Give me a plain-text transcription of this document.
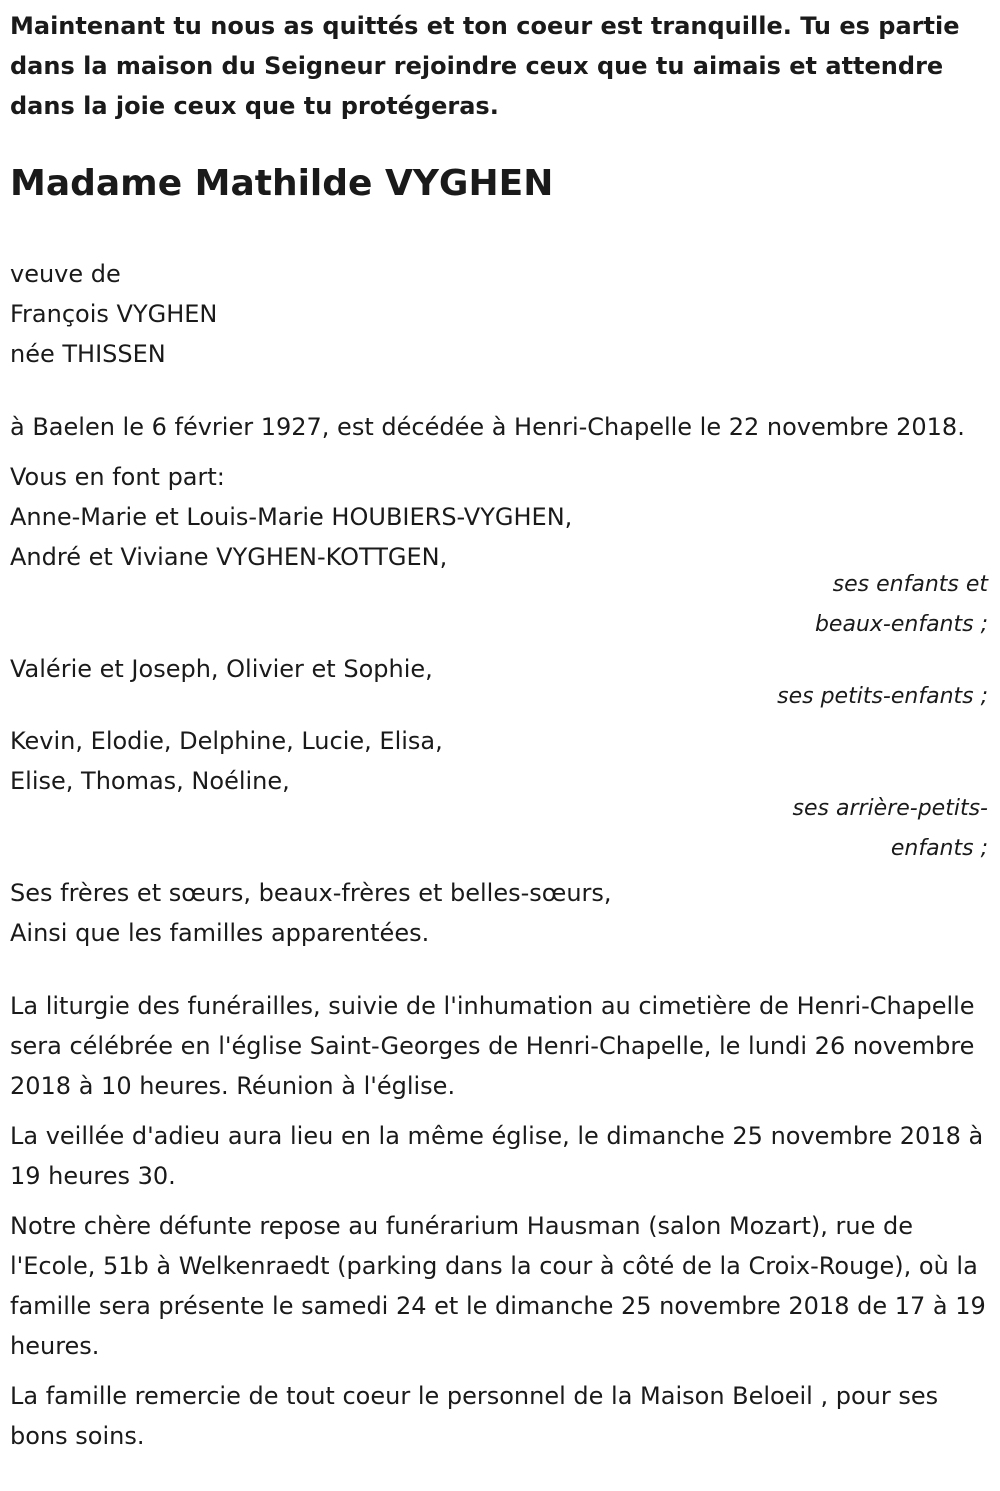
Maintenant tu nous as quittés et ton coeur est tranquille. Tu es partie dans la maison du Seigneur rejoindre ceux que tu aimais et attendre dans la joie ceux que tu protégeras.

Madame Mathilde VYGHEN
veuve de
François VYGHEN
née THISSEN

à Baelen le 6 février 1927, est décédée à Henri-Chapelle le 22 novembre 2018.

Vous en font part:
Anne-Marie et Louis-Marie HOUBIERS-VYGHEN,
André et Viviane VYGHEN-KOTTGEN,
ses enfants et
beaux-enfants ;
Valérie et Joseph, Olivier et Sophie,
ses petits-enfants ;
Kevin, Elodie, Delphine, Lucie, Elisa,
Elise, Thomas, Noéline,
ses arrière-petits-
enfants ;
Ses frères et sœurs, beaux-frères et belles-sœurs,
Ainsi que les familles apparentées.

La liturgie des funérailles, suivie de l'inhumation au cimetière de Henri-Chapelle sera célébrée en l'église Saint-Georges de Henri-Chapelle, le lundi 26 novembre 2018 à 10 heures. Réunion à l'église.

La veillée d'adieu aura lieu en la même église, le dimanche 25 novembre 2018 à 19 heures 30.

Notre chère défunte repose au funérarium Hausman (salon Mozart), rue de l'Ecole, 51b à Welkenraedt (parking dans la cour à côté de la Croix-Rouge), où la famille sera présente le samedi 24 et le dimanche 25 novembre 2018 de 17 à 19 heures.

La famille remercie de tout coeur le personnel de la Maison Beloeil , pour ses bons soins.
